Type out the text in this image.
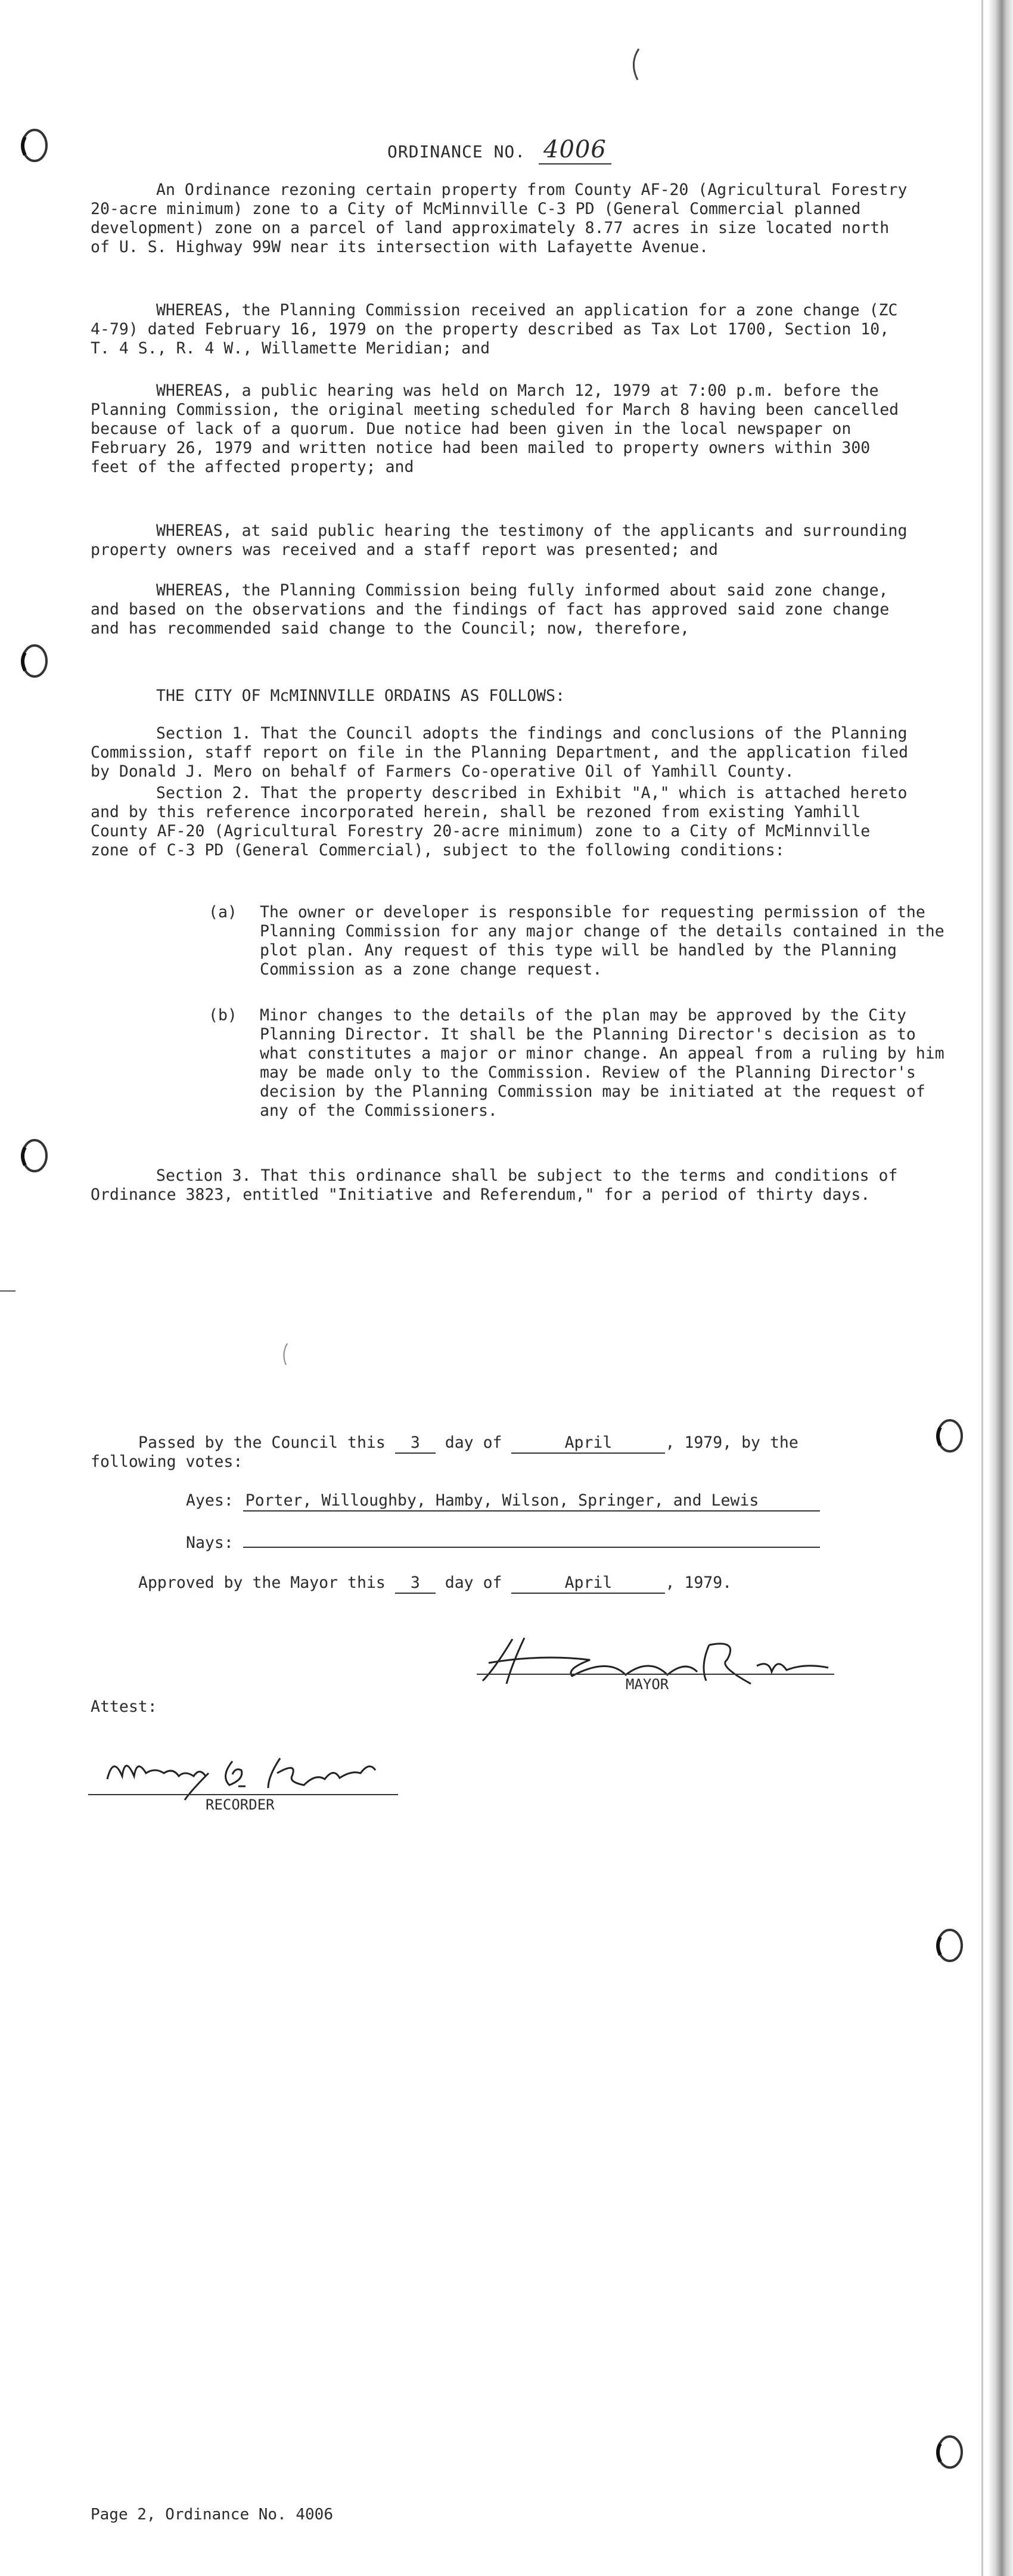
ORDINANCE NO. 4006

An Ordinance rezoning certain property from County AF-20 (Agricultural Forestry 20-acre minimum) zone to a City of McMinnville C-3 PD (General Commercial planned development) zone on a parcel of land approximately 8.77 acres in size located north of U. S. Highway 99W near its intersection with Lafayette Avenue.

WHEREAS, the Planning Commission received an application for a zone change (ZC 4-79) dated February 16, 1979 on the property described as Tax Lot 1700, Section 10, T. 4 S., R. 4 W., Willamette Meridian; and

WHEREAS, a public hearing was held on March 12, 1979 at 7:00 p.m. before the Planning Commission, the original meeting scheduled for March 8 having been cancelled because of lack of a quorum. Due notice had been given in the local newspaper on February 26, 1979 and written notice had been mailed to property owners within 300 feet of the affected property; and

WHEREAS, at said public hearing the testimony of the applicants and surrounding property owners was received and a staff report was presented; and

WHEREAS, the Planning Commission being fully informed about said zone change, and based on the observations and the findings of fact has approved said zone change and has recommended said change to the Council; now, therefore,

THE CITY OF McMINNVILLE ORDAINS AS FOLLOWS:

Section 1. That the Council adopts the findings and conclusions of the Planning Commission, staff report on file in the Planning Department, and the application filed by Donald J. Mero on behalf of Farmers Co-operative Oil of Yamhill County.

Section 2. That the property described in Exhibit "A," which is attached hereto and by this reference incorporated herein, shall be rezoned from existing Yamhill County AF-20 (Agricultural Forestry 20-acre minimum) zone to a City of McMinnville zone of C-3 PD (General Commercial), subject to the following conditions:

(a) The owner or developer is responsible for requesting permission of the Planning Commission for any major change of the details contained in the plot plan. Any request of this type will be handled by the Planning Commission as a zone change request.
(b) Minor changes to the details of the plan may be approved by the City Planning Director. It shall be the Planning Director's decision as to what constitutes a major or minor change. An appeal from a ruling by him may be made only to the Commission. Review of the Planning Director's decision by the Planning Commission may be initiated at the request of any of the Commissioners.

Section 3. That this ordinance shall be subject to the terms and conditions of Ordinance 3823, entitled "Initiative and Referendum," for a period of thirty days.

Passed by the Council this 3 day of	April	, 1979, by the
following votes:
Ayes: Porter, Willoughby, Hamby, Wilson, Springer, and Lewis
Nays:
Approved by the Mayor this 3 day of	April	, 1979.
MAYOR
Attest:
RECORDER
Page 2, Ordinance No. 4006
